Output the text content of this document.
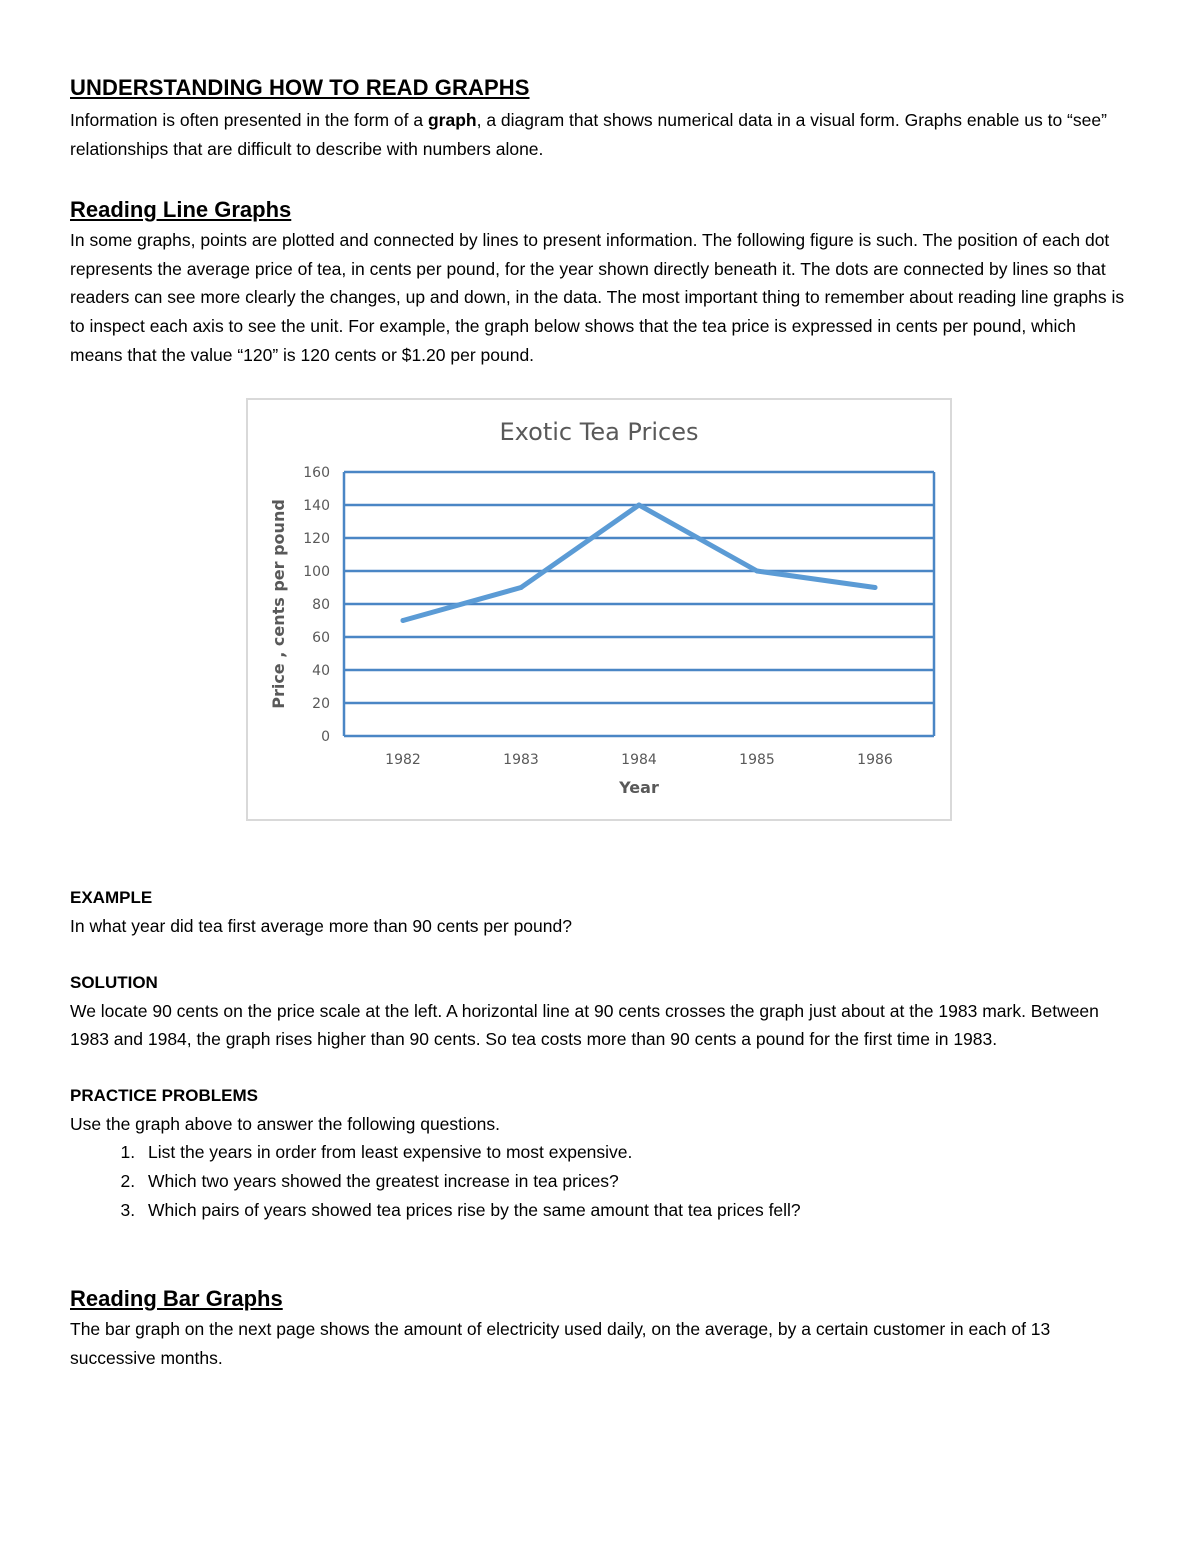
UNDERSTANDING HOW TO READ GRAPHS

Information is often presented in the form of a graph, a diagram that shows numerical data in a visual form. Graphs enable us to “see” relationships that are difficult to describe with numbers alone.

Reading Line Graphs

In some graphs, points are plotted and connected by lines to present information. The following figure is such. The position of each dot represents the average price of tea, in cents per pound, for the year shown directly beneath it. The dots are connected by lines so that readers can see more clearly the changes, up and down, in the data. The most important thing to remember about reading line graphs is to inspect each axis to see the unit. For example, the graph below shows that the tea price is expressed in cents per pound, which means that the value “120” is 120 cents or $1.20 per pound.

Exotic Tea Prices
0
20
40
60
80
100
120
140
160
1982	1983	1984	1985	1986
Year
Price , cents per pound

EXAMPLE

In what year did tea first average more than 90 cents per pound?

SOLUTION

We locate 90 cents on the price scale at the left. A horizontal line at 90 cents crosses the graph just about at the 1983 mark. Between 1983 and 1984, the graph rises higher than 90 cents. So tea costs more than 90 cents a pound for the first time in 1983.

PRACTICE PROBLEMS

Use the graph above to answer the following questions.

1. List the years in order from least expensive to most expensive.
2. Which two years showed the greatest increase in tea prices?
3. Which pairs of years showed tea prices rise by the same amount that tea prices fell?
Reading Bar Graphs

The bar graph on the next page shows the amount of electricity used daily, on the average, by a certain customer in each of 13 successive months.
